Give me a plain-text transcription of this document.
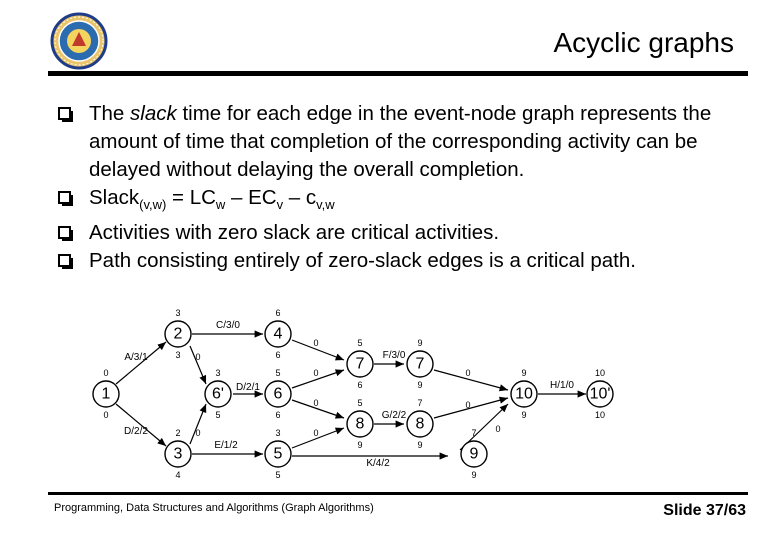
Acyclic graphs
The slack time for each edge in the event-node graph represents the amount of time that completion of the corresponding activity can be delayed without delaying the overall completion.
Slack$_{(v,w)}$ = $LC_w - EC_v - c_{v,w}$
Activities with zero slack are critical activities.
Path consisting entirely of zero-slack edges is a critical path.
1
2
3
4
5
6'	6
7	7
8	8
9
10	10'
0
0
3
3
2
4
6
6
3
5
3
5
5
6
5
6
9
9
5
9
7
9
7
9
9
9
10
10
A/3/1
D/2/2
C/3/0
D/2/1
E/1/2
F/3/0
G/2/2
K/4/2
H/1/0
0
0
0
0
0
0
0
0
0
Programming, Data Structures and Algorithms (Graph Algorithms)	Slide 37/63
